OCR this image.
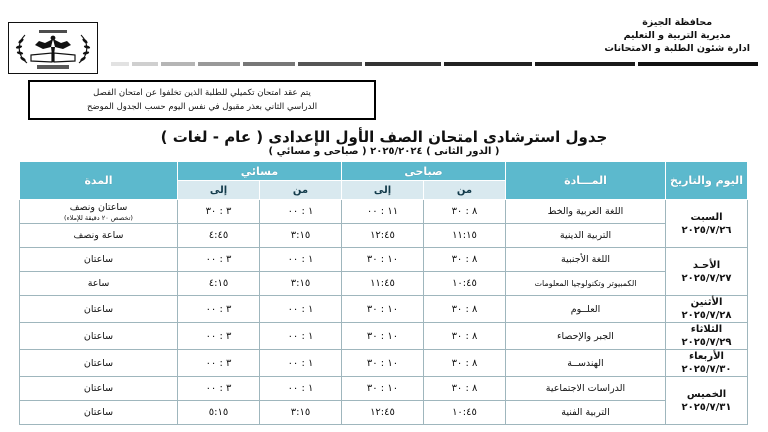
محافظة الجيزة
مديرية التربية و التعليم
ادارة شئون الطلبة و الامتحانات

يتم عقد امتحان تكميلي للطلبة الذين تخلفوا عن امتحان الفصل

الدراسي الثاني بعذر مقبول في نفس اليوم حسب الجدول الموضح

جدول استرشادى امتحان الصف الأول الإعدادى ( عام - لغات )
( الدور الثانى ) ٢٠٢٥/٢٠٢٤ ( صباحى و مسائي )
اليوم والتاريخ	المـــادة	صباحى		مسائي		المدة
		من	إلى	من	إلى	

السبت
٢٠٢٥/٧/٢٦
	اللغة العربية والخط	٨ : ٣٠	١١ : ٠٠	١ : ٠٠	٣ : ٣٠	ساعتان ونصف
(تخصص ٢٠ دقيقة للإملاء)

	التربية الدينية	١١:١٥	١٢:٤٥	٣:١٥	٤:٤٥	ساعة ونصف

الأحـد
٢٠٢٥/٧/٢٧	اللغة الأجنبية	٨ : ٣٠	١٠ : ٣٠	١ : ٠٠	٣ : ٠٠	ساعتان
	الكمبيوتر وتكنولوجيا المعلومات	١٠:٤٥	١١:٤٥	٣:١٥	٤:١٥	ساعة

الأثنين
٢٠٢٥/٧/٢٨	العلــوم	٨ : ٣٠	١٠ : ٣٠	١ : ٠٠	٣ : ٠٠	ساعتان

الثلاثاء
٢٠٢٥/٧/٢٩	الجبر والإحصاء	٨ : ٣٠	١٠ : ٣٠	١ : ٠٠	٣ : ٠٠	ساعتان

الأربعاء
٢٠٢٥/٧/٣٠	الهندســة	٨ : ٣٠	١٠ : ٣٠	١ : ٠٠	٣ : ٠٠	ساعتان

الخميس
٢٠٢٥/٧/٣١	الدراسات الاجتماعية	٨ : ٣٠	١٠ : ٣٠	١ : ٠٠	٣ : ٠٠	ساعتان
	التربية الفنية	١٠:٤٥	١٢:٤٥	٣:١٥	٥:١٥	ساعتان
